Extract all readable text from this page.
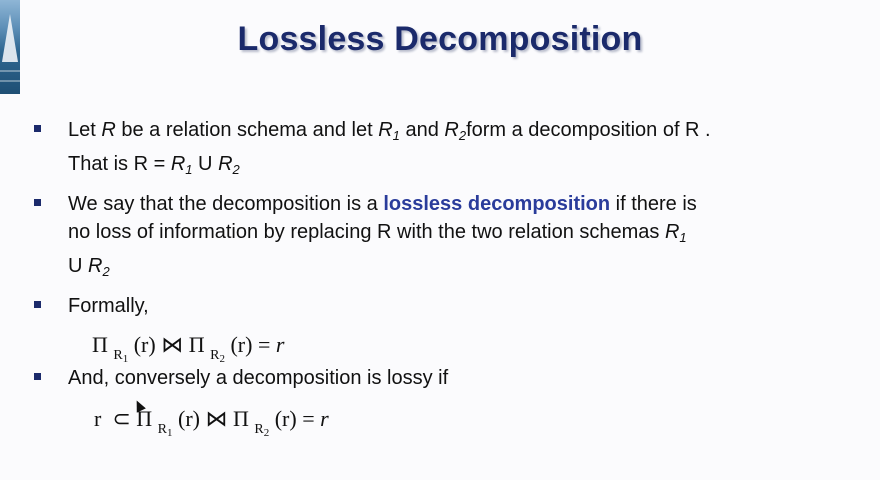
Lossless Decomposition
Let R be a relation schema and let $R_1$ and $R_2form$ a decomposition of R .
That is $R = R_1$ U $R_2$
We say that the decomposition is a lossless decomposition if there is
no loss of information by replacing R with the two relation schemas $R_1$
U $R_2$
Formally,
Π $_{R_1}$ (r) ⋈ Π $_{R_2}$ (r) = r
And, conversely a decomposition is lossy if
r ⊂ Π $_{R_1}$ (r) ⋈ Π $_{R_2}$ (r) = r
